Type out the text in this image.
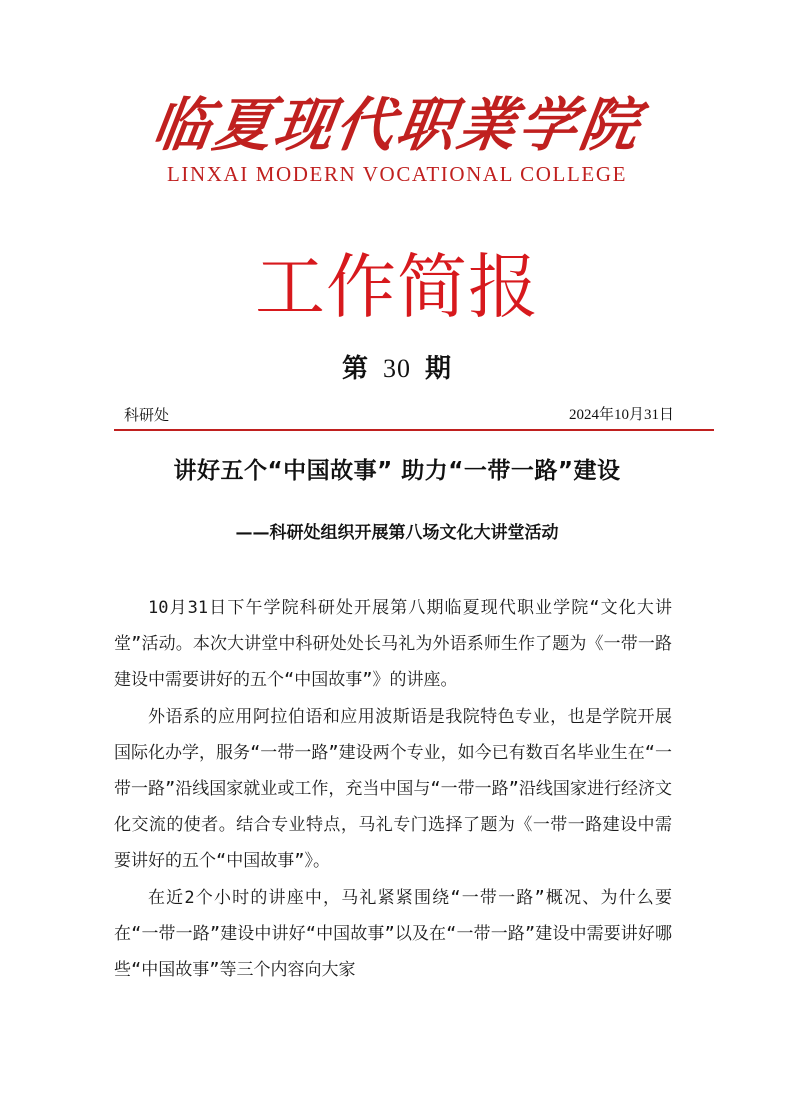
临夏现代职業学院
LINXAI MODERN VOCATIONAL COLLEGE
工作简报
第 30 期
科研处	2024年10月31日
讲好五个“中国故事” 助力“一带一路”建设
——科研处组织开展第八场文化大讲堂活动

10月31日下午学院科研处开展第八期临夏现代职业学院“文化大讲堂”活动。本次大讲堂中科研处处长马礼为外语系师生作了题为《一带一路建设中需要讲好的五个“中国故事”》的讲座。

外语系的应用阿拉伯语和应用波斯语是我院特色专业，也是学院开展国际化办学，服务“一带一路”建设两个专业，如今已有数百名毕业生在“一带一路”沿线国家就业或工作，充当中国与“一带一路”沿线国家进行经济文化交流的使者。结合专业特点，马礼专门选择了题为《一带一路建设中需要讲好的五个“中国故事”》。

在近2个小时的讲座中，马礼紧紧围绕“一带一路”概况、为什么要在“一带一路”建设中讲好“中国故事”以及在“一带一路”建设中需要讲好哪些“中国故事”等三个内容向大家
